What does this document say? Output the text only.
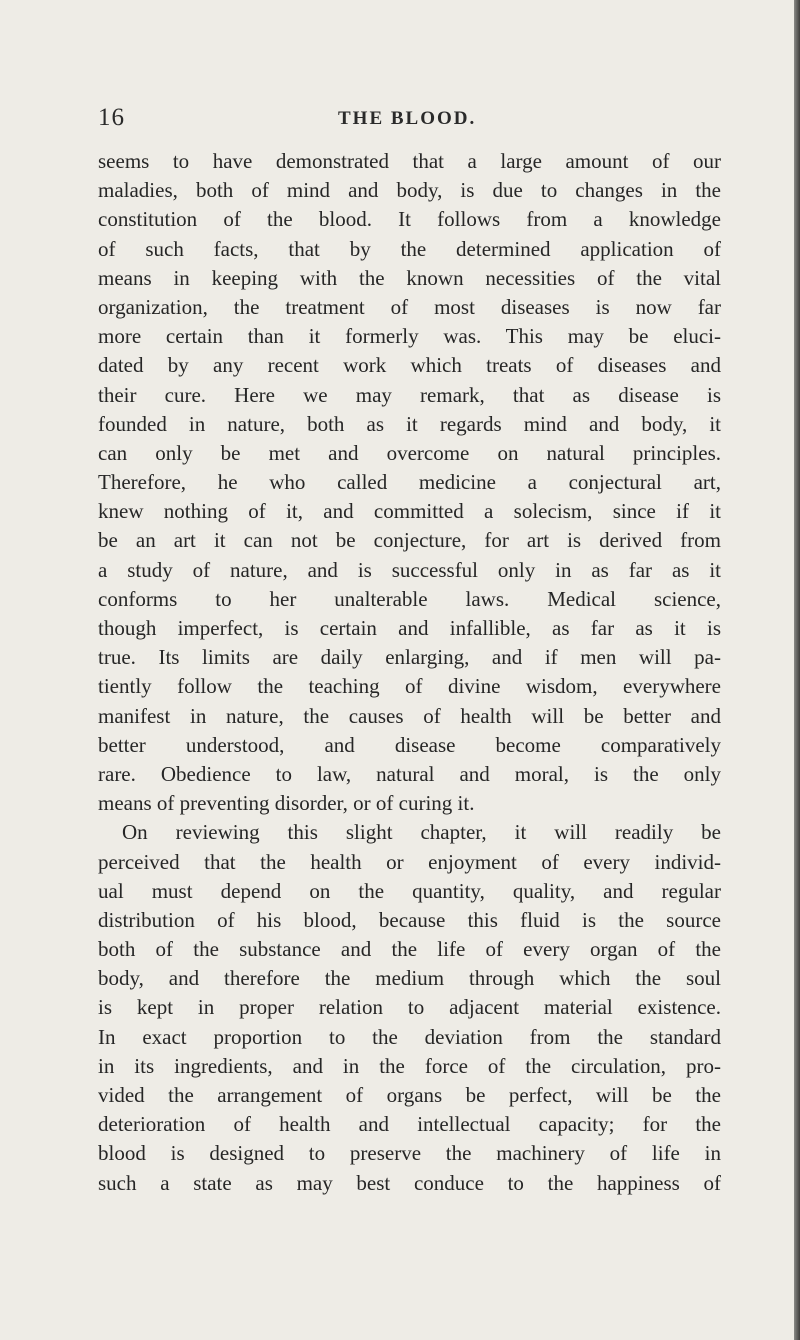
16	THE BLOOD.
seems to have demonstrated that a large amount of our
maladies, both of mind and body, is due to changes in the
constitution of the blood. It follows from a knowledge
of such facts, that by the determined application of
means in keeping with the known necessities of the vital
organization, the treatment of most diseases is now far
more certain than it formerly was. This may be eluci-
dated by any recent work which treats of diseases and
their cure. Here we may remark, that as disease is
founded in nature, both as it regards mind and body, it
can only be met and overcome on natural principles.
Therefore, he who called medicine a conjectural art,
knew nothing of it, and committed a solecism, since if it
be an art it can not be conjecture, for art is derived from
a study of nature, and is successful only in as far as it
conforms to her unalterable laws. Medical science,
though imperfect, is certain and infallible, as far as it is
true. Its limits are daily enlarging, and if men will pa-
tiently follow the teaching of divine wisdom, everywhere
manifest in nature, the causes of health will be better and
better understood, and disease become comparatively
rare. Obedience to law, natural and moral, is the only
means of preventing disorder, or of curing it.
On reviewing this slight chapter, it will readily be
perceived that the health or enjoyment of every individ-
ual must depend on the quantity, quality, and regular
distribution of his blood, because this fluid is the source
both of the substance and the life of every organ of the
body, and therefore the medium through which the soul
is kept in proper relation to adjacent material existence.
In exact proportion to the deviation from the standard
in its ingredients, and in the force of the circulation, pro-
vided the arrangement of organs be perfect, will be the
deterioration of health and intellectual capacity; for the
blood is designed to preserve the machinery of life in
such a state as may best conduce to the happiness of
